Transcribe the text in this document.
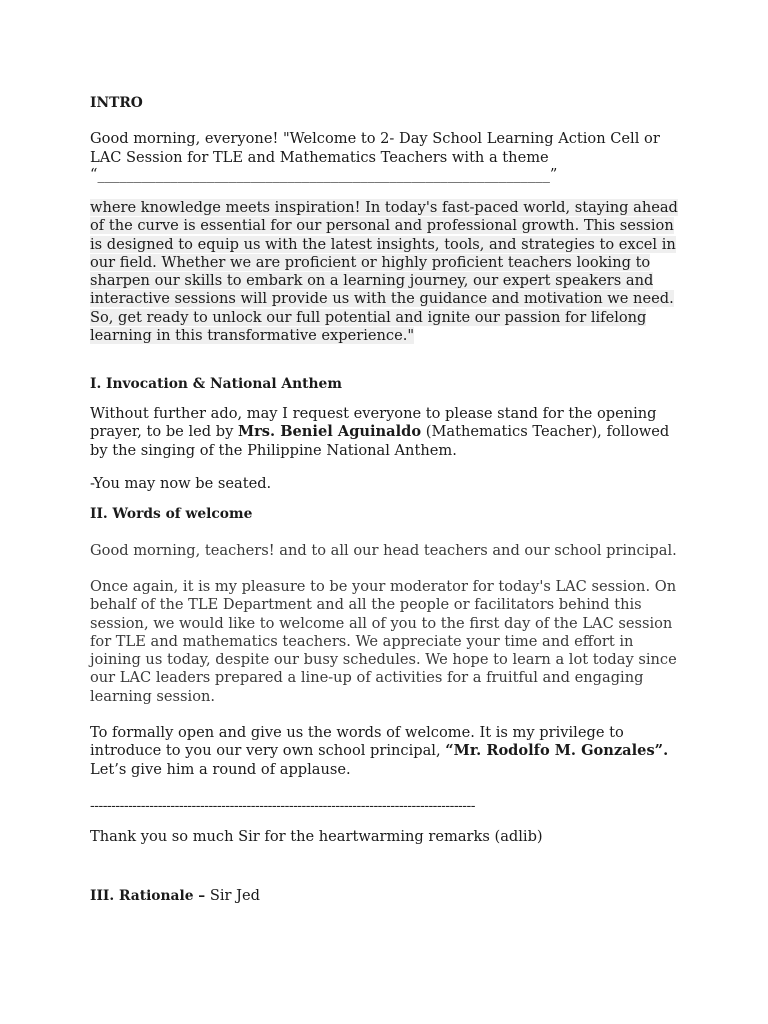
INTRO

Good morning, everyone! "Welcome to 2- Day School Learning Action Cell or

LAC Session for TLE and Mathematics Teachers with a theme

“______________________________________________________________”

where knowledge meets inspiration! In today's fast-paced world, staying ahead of the curve is essential for our personal and professional growth. This session is designed to equip us with the latest insights, tools, and strategies to excel in our field. Whether we are proficient or highly proficient teachers looking to sharpen our skills to embark on a learning journey, our expert speakers and interactive sessions will provide us with the guidance and motivation we need. So, get ready to unlock our full potential and ignite our passion for lifelong learning in this transformative experience."

I. Invocation & National Anthem

Without further ado, may I request everyone to please stand for the opening prayer, to be led by Mrs. Beniel Aguinaldo (Mathematics Teacher), followed by the singing of the Philippine National Anthem.

-You may now be seated.

II. Words of welcome

Good morning, teachers! and to all our head teachers and our school principal.

Once again, it is my pleasure to be your moderator for today's LAC session. On behalf of the TLE Department and all the people or facilitators behind this session, we would like to welcome all of you to the first day of the LAC session for TLE and mathematics teachers. We appreciate your time and effort in joining us today, despite our busy schedules. We hope to learn a lot today since our LAC leaders prepared a line-up of activities for a fruitful and engaging learning session.

To formally open and give us the words of welcome. It is my privilege to introduce to you our very own school principal, “Mr. Rodolfo M. Gonzales”. Let’s give him a round of applause.

-------------------------------------------------------------------------------------------

Thank you so much Sir for the heartwarming remarks (adlib)

III. Rationale – Sir Jed
